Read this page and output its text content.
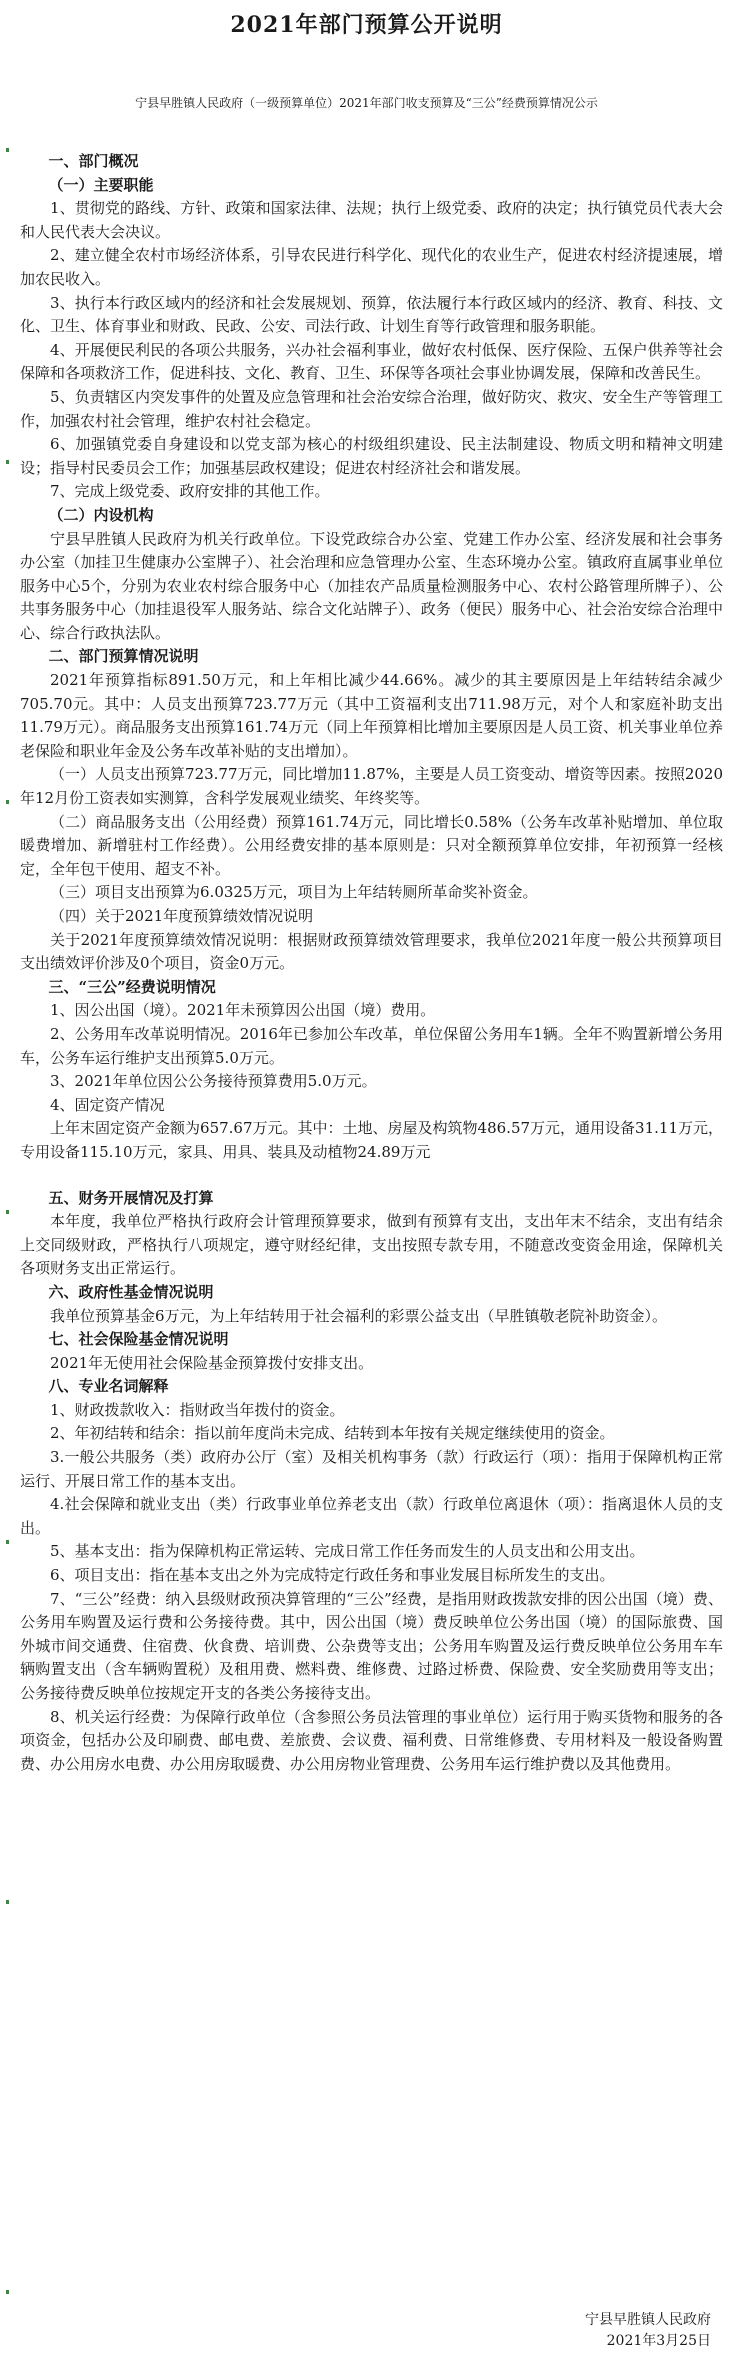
2021年部门预算公开说明
宁县早胜镇人民政府（一级预算单位）2021年部门收支预算及“三公”经费预算情况公示

一、部门概况

（一）主要职能

1、贯彻党的路线、方针、政策和国家法律、法规；执行上级党委、政府的决定；执行镇党员代表大会和人民代表大会决议。

2、建立健全农村市场经济体系，引导农民进行科学化、现代化的农业生产，促进农村经济提速展，增加农民收入。

3、执行本行政区域内的经济和社会发展规划、预算，依法履行本行政区域内的经济、教育、科技、文化、卫生、体育事业和财政、民政、公安、司法行政、计划生育等行政管理和服务职能。

4、开展便民利民的各项公共服务，兴办社会福利事业，做好农村低保、医疗保险、五保户供养等社会保障和各项救济工作，促进科技、文化、教育、卫生、环保等各项社会事业协调发展，保障和改善民生。

5、负责辖区内突发事件的处置及应急管理和社会治安综合治理，做好防灾、救灾、安全生产等管理工作，加强农村社会管理，维护农村社会稳定。

6、加强镇党委自身建设和以党支部为核心的村级组织建设、民主法制建设、物质文明和精神文明建设；指导村民委员会工作；加强基层政权建设；促进农村经济社会和谐发展。

7、完成上级党委、政府安排的其他工作。

（二）内设机构

宁县早胜镇人民政府为机关行政单位。下设党政综合办公室、党建工作办公室、经济发展和社会事务办公室（加挂卫生健康办公室牌子）、社会治理和应急管理办公室、生态环境办公室。镇政府直属事业单位服务中心5个，分别为农业农村综合服务中心（加挂农产品质量检测服务中心、农村公路管理所牌子）、公共事务服务中心（加挂退役军人服务站、综合文化站牌子）、政务（便民）服务中心、社会治安综合治理中心、综合行政执法队。

二、部门预算情况说明

2021年预算指标891.50万元，和上年相比减少44.66%。减少的其主要原因是上年结转结余减少705.70元。其中：人员支出预算723.77万元（其中工资福利支出711.98万元，对个人和家庭补助支出11.79万元）。商品服务支出预算161.74万元（同上年预算相比增加主要原因是人员工资、机关事业单位养老保险和职业年金及公务车改革补贴的支出增加）。

（一）人员支出预算723.77万元，同比增加11.87%，主要是人员工资变动、增资等因素。按照2020年12月份工资表如实测算，含科学发展观业绩奖、年终奖等。

（二）商品服务支出（公用经费）预算161.74万元，同比增长0.58%（公务车改革补贴增加、单位取暖费增加、新增驻村工作经费）。公用经费安排的基本原则是：只对全额预算单位安排，年初预算一经核定，全年包干使用、超支不补。

（三）项目支出预算为6.0325万元，项目为上年结转厕所革命奖补资金。

（四）关于2021年度预算绩效情况说明

关于2021年度预算绩效情况说明：根据财政预算绩效管理要求，我单位2021年度一般公共预算项目支出绩效评价涉及0个项目，资金0万元。

三、“三公”经费说明情况

1、因公出国（境）。2021年未预算因公出国（境）费用。

2、公务用车改革说明情况。2016年已参加公车改革，单位保留公务用车1辆。全年不购置新增公务用车，公务车运行维护支出预算5.0万元。

3、2021年单位因公公务接待预算费用5.0万元。

4、固定资产情况

上年末固定资产金额为657.67万元。其中：土地、房屋及构筑物486.57万元，通用设备31.11万元，专用设备115.10万元，家具、用具、装具及动植物24.89万元

五、财务开展情况及打算

本年度，我单位严格执行政府会计管理预算要求，做到有预算有支出，支出年末不结余，支出有结余上交同级财政，严格执行八项规定，遵守财经纪律，支出按照专款专用，不随意改变资金用途，保障机关各项财务支出正常运行。

六、政府性基金情况说明

我单位预算基金6万元，为上年结转用于社会福利的彩票公益支出（早胜镇敬老院补助资金）。

七、社会保险基金情况说明

2021年无使用社会保险基金预算拨付安排支出。

八、专业名词解释

1、财政拨款收入：指财政当年拨付的资金。

2、年初结转和结余：指以前年度尚未完成、结转到本年按有关规定继续使用的资金。

3.一般公共服务（类）政府办公厅（室）及相关机构事务（款）行政运行（项）：指用于保障机构正常运行、开展日常工作的基本支出。

4.社会保障和就业支出（类）行政事业单位养老支出（款）行政单位离退休（项）：指离退休人员的支出。

5、基本支出：指为保障机构正常运转、完成日常工作任务而发生的人员支出和公用支出。

6、项目支出：指在基本支出之外为完成特定行政任务和事业发展目标所发生的支出。

7、“三公”经费：纳入县级财政预决算管理的“三公”经费，是指用财政拨款安排的因公出国（境）费、公务用车购置及运行费和公务接待费。其中，因公出国（境）费反映单位公务出国（境）的国际旅费、国外城市间交通费、住宿费、伙食费、培训费、公杂费等支出；公务用车购置及运行费反映单位公务用车车辆购置支出（含车辆购置税）及租用费、燃料费、维修费、过路过桥费、保险费、安全奖励费用等支出；公务接待费反映单位按规定开支的各类公务接待支出。

8、机关运行经费：为保障行政单位（含参照公务员法管理的事业单位）运行用于购买货物和服务的各项资金，包括办公及印刷费、邮电费、差旅费、会议费、福利费、日常维修费、专用材料及一般设备购置费、办公用房水电费、办公用房取暖费、办公用房物业管理费、公务用车运行维护费以及其他费用。

宁县早胜镇人民政府
2021年3月25日
